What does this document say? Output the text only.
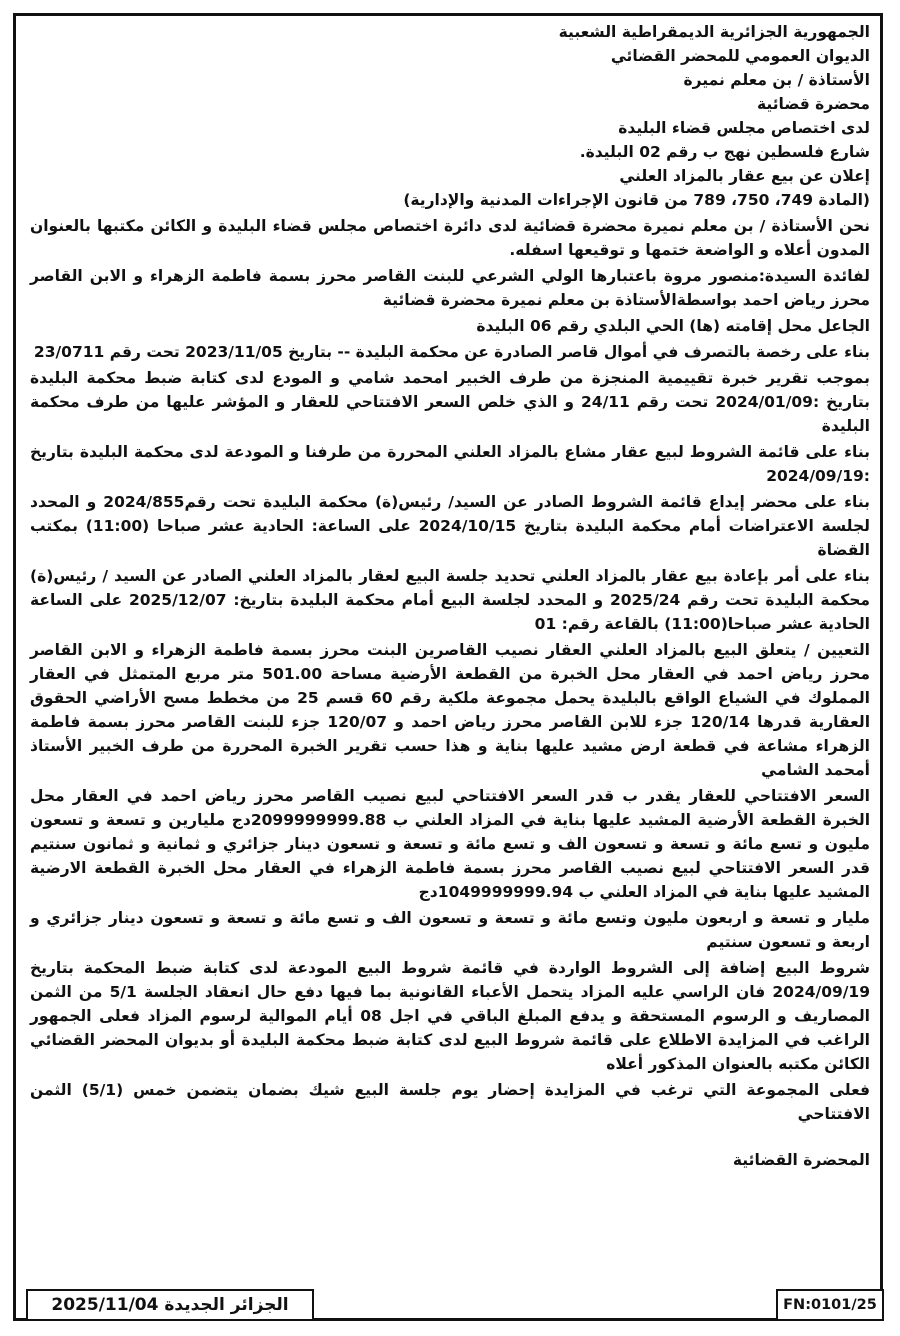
الجمهورية الجزائرية الديمقراطية الشعبية

الديوان العمومي للمحضر القضائي

الأستاذة / بن معلم نميرة

محضرة قضائية

لدى اختصاص مجلس قضاء البليدة

شارع فلسطين نهج ب رقم 02 البليدة.

إعلان عن بيع عقار بالمزاد العلني

(المادة 749، 750، 789 من قانون الإجراءات المدنية والإدارية)

نحن الأستاذة / بن معلم نميرة محضرة قضائية لدى دائرة اختصاص مجلس قضاء البليدة و الكائن مكتبها بالعنوان المدون أعلاه و الواضعة ختمها و توقيعها اسفله.

لفائدة السيدة:منصور مروة باعتبارها الولي الشرعي للبنت القاصر محرز بسمة فاطمة الزهراء و الابن القاصر محرز رياض احمد بواسطةالأستاذة بن معلم نميرة محضرة قضائية

الجاعل محل إقامته (ها) الحي البلدي رقم 06 البليدة

بناء على رخصة بالتصرف في أموال قاصر الصادرة عن محكمة البليدة -- بتاريخ 2023/11/05 تحت رقم 23/0711

بموجب تقرير خبرة تقييمية المنجزة من طرف الخبير امحمد شامي و المودع لدى كتابة ضبط محكمة البليدة بتاريخ :2024/01/09 تحت رقم 24/11 و الذي خلص السعر الافتتاحي للعقار و المؤشر عليها من طرف محكمة البليدة

بناء على قائمة الشروط لبيع عقار مشاع بالمزاد العلني المحررة من طرفنا و المودعة لدى محكمة البليدة بتاريخ :2024/09/19

بناء على محضر إيداع قائمة الشروط الصادر عن السيد/ رئيس(ة) محكمة البليدة تحت رقم2024/855 و المحدد لجلسة الاعتراضات أمام محكمة البليدة بتاريخ 2024/10/15 على الساعة: الحادية عشر صباحا (11:00) بمكتب القضاة

بناء على أمر بإعادة بيع عقار بالمزاد العلني تحديد جلسة البيع لعقار بالمزاد العلني الصادر عن السيد / رئيس(ة) محكمة البليدة تحت رقم 2025/24 و المحدد لجلسة البيع أمام محكمة البليدة بتاريخ: 2025/12/07 على الساعة الحادية عشر صباحا(11:00) بالقاعة رقم: 01

التعيين / يتعلق البيع بالمزاد العلني العقار نصيب القاصرين البنت محرز بسمة فاطمة الزهراء و الابن القاصر محرز رياض احمد في العقار محل الخبرة من القطعة الأرضية مساحة 501.00 متر مربع المتمثل في العقار المملوك في الشياع الواقع بالبليدة يحمل مجموعة ملكية رقم 60 قسم 25 من مخطط مسح الأراضي الحقوق العقارية قدرها 120/14 جزء للابن القاصر محرز رياض احمد و 120/07 جزء للبنت القاصر محرز بسمة فاطمة الزهراء مشاعة في قطعة ارض مشيد عليها بناية و هذا حسب تقرير الخبرة المحررة من طرف الخبير الأستاذ أمحمد الشامي

السعر الافتتاحي للعقار يقدر ب قدر السعر الافتتاحي لبيع نصيب القاصر محرز رياض احمد في العقار محل الخبرة القطعة الأرضية المشيد عليها بناية في المزاد العلني ب 2099999999.88دج مليارين و تسعة و تسعون مليون و تسع مائة و تسعة و تسعون الف و تسع مائة و تسعة و تسعون دينار جزائري و ثمانية و ثمانون سنتيم قدر السعر الافتتاحي لبيع نصيب القاصر محرز بسمة فاطمة الزهراء في العقار محل الخبرة القطعة الارضية المشيد عليها بناية في المزاد العلني ب 1049999999.94دج

مليار و تسعة و اربعون مليون وتسع مائة و تسعة و تسعون الف و تسع مائة و تسعة و تسعون دينار جزائري و اربعة و تسعون سنتيم

شروط البيع إضافة إلى الشروط الواردة في قائمة شروط البيع المودعة لدى كتابة ضبط المحكمة بتاريخ 2024/09/19 فان الراسي عليه المزاد يتحمل الأعباء القانونية بما فيها دفع حال انعقاد الجلسة 5/1 من الثمن المصاريف و الرسوم المستحقة و يدفع المبلغ الباقي في اجل 08 أيام الموالية لرسوم المزاد فعلى الجمهور الراغب في المزايدة الاطلاع على قائمة شروط البيع لدى كتابة ضبط محكمة البليدة أو بديوان المحضر القضائي الكائن مكتبه بالعنوان المذكور أعلاه

فعلى المجموعة التي ترغب في المزايدة إحضار يوم جلسة البيع شيك بضمان يتضمن خمس (5/1) الثمن الافتتاحي

المحضرة القضائية

الجزائر الجديدة 2025/11/04	FN:0101/25
